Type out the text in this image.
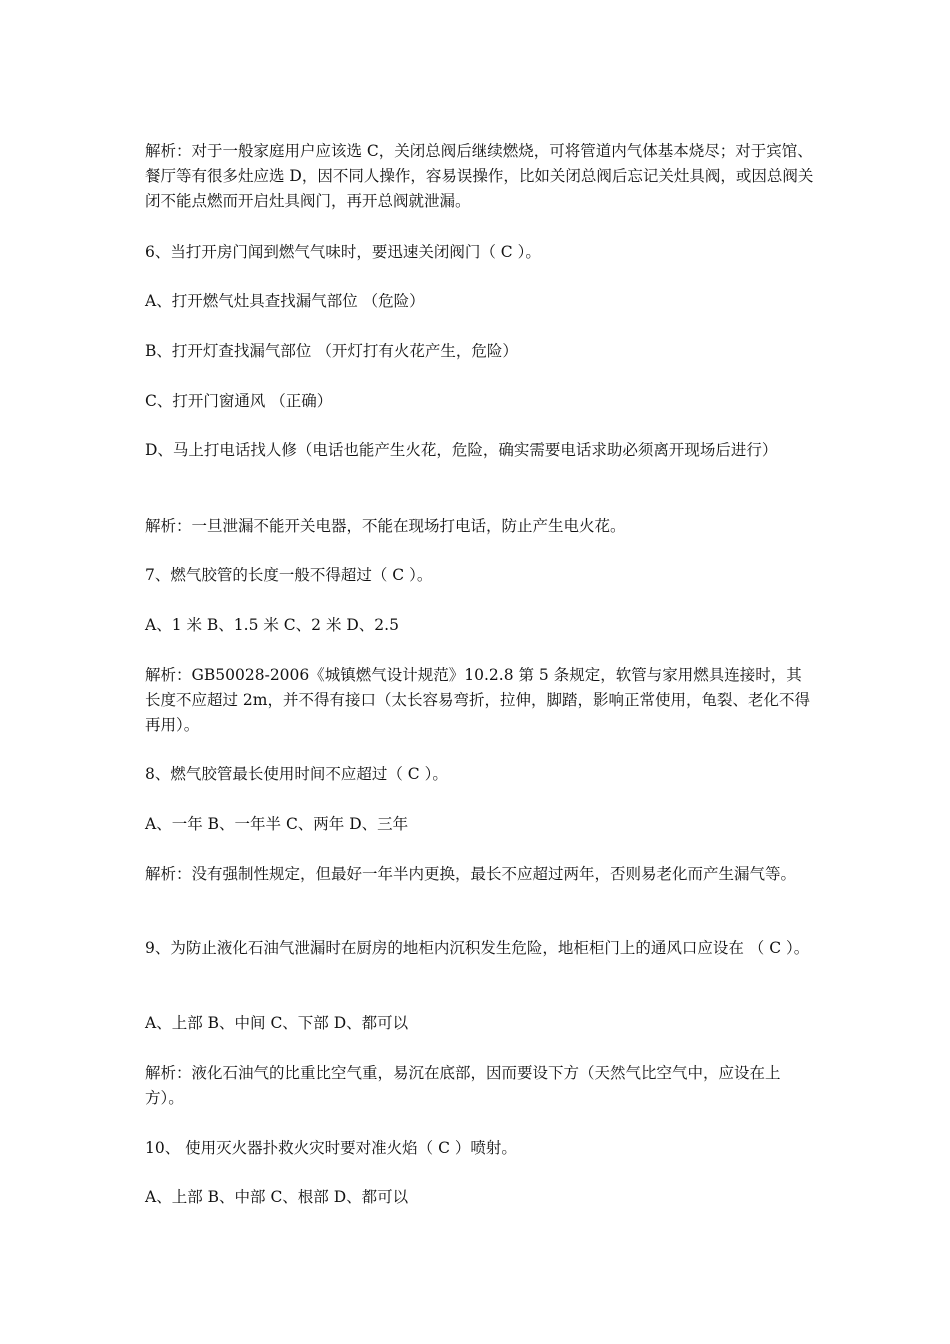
解析：对于一般家庭用户应该选 C，关闭总阀后继续燃烧，可将管道内气体基本烧尽；对于宾馆、餐厅等有很多灶应选 D，因不同人操作，容易误操作，比如关闭总阀后忘记关灶具阀，或因总阀关闭不能点燃而开启灶具阀门，再开总阀就泄漏。

6、当打开房门闻到燃气气味时，要迅速关闭阀门（ C ）。

A、打开燃气灶具查找漏气部位 （危险）

B、打开灯查找漏气部位 （开灯打有火花产生，危险）

C、打开门窗通风 （正确）

D、马上打电话找人修（电话也能产生火花，危险，确实需要电话求助必须离开现场后进行）

解析：一旦泄漏不能开关电器，不能在现场打电话，防止产生电火花。

7、燃气胶管的长度一般不得超过（ C ）。

A、1 米 B、1.5 米 C、2 米 D、2.5

解析：GB50028-2006《城镇燃气设计规范》10.2.8 第 5 条规定，软管与家用燃具连接时，其长度不应超过 2m，并不得有接口（太长容易弯折，拉伸，脚踏，影响正常使用，龟裂、老化不得再用）。

8、燃气胶管最长使用时间不应超过（ C ）。

A、一年 B、一年半 C、两年 D、三年

解析：没有强制性规定，但最好一年半内更换，最长不应超过两年，否则易老化而产生漏气等。

9、为防止液化石油气泄漏时在厨房的地柜内沉积发生危险，地柜柜门上的通风口应设在 （ C ）。

A、上部 B、中间 C、下部 D、都可以

解析：液化石油气的比重比空气重，易沉在底部，因而要设下方（天然气比空气中，应设在上方）。

10、 使用灭火器扑救火灾时要对准火焰（ C ）喷射。

A、上部 B、中部 C、根部 D、都可以
